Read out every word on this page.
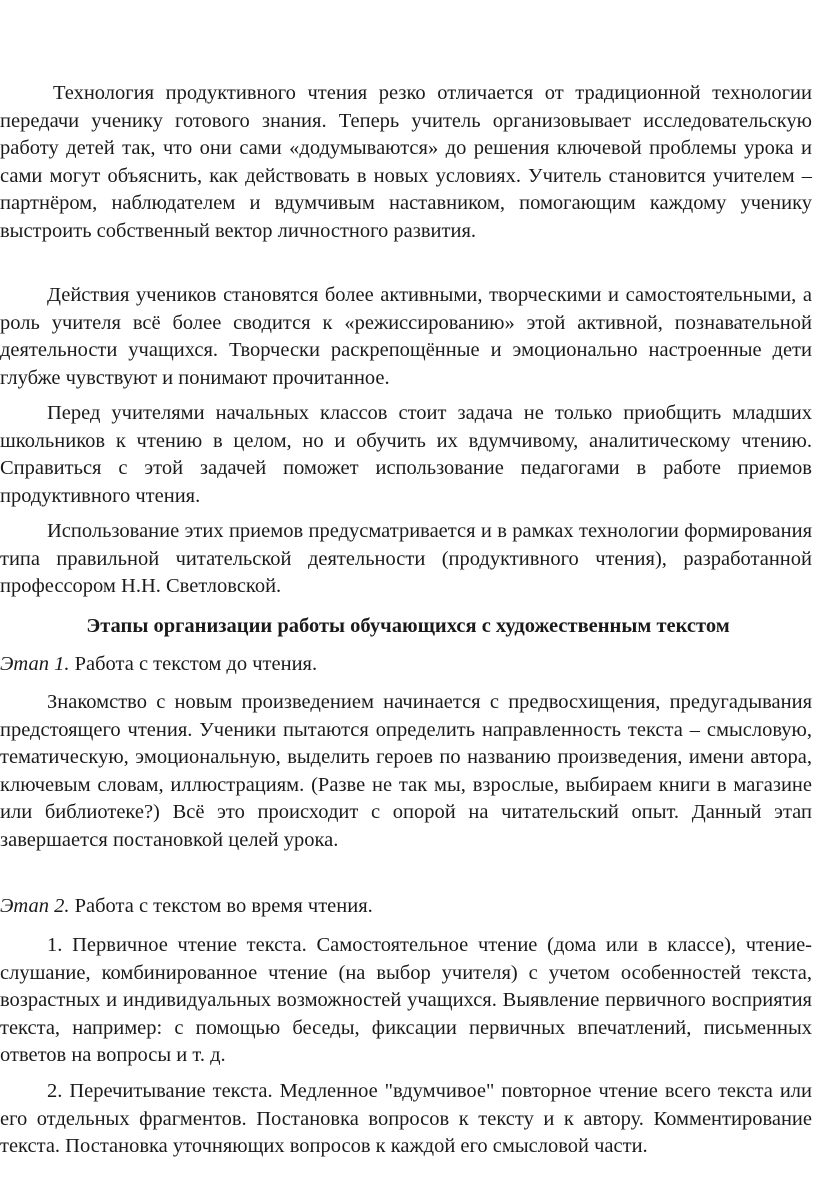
Технология продуктивного чтения резко отличается от традиционной технологии передачи ученику готового знания. Теперь учитель организовывает исследовательскую работу детей так, что они сами «додумываются» до решения ключевой проблемы урока и сами могут объяснить, как действовать в новых условиях. Учитель становится учителем – партнёром, наблюдателем и вдумчивым наставником, помогающим каждому ученику выстроить собственный вектор личностного развития.

Действия учеников становятся более активными, творческими и самостоятельными, а роль учителя всё более сводится к «режиссированию» этой активной, познавательной деятельности учащихся. Творчески раскрепощённые и эмоционально настроенные дети глубже чувствуют и понимают прочитанное.

Перед учителями начальных классов стоит задача не только приобщить младших школьников к чтению в целом, но и обучить их вдумчивому, аналитическому чтению. Справиться с этой задачей поможет использование педагогами в работе приемов продуктивного чтения.

Использование этих приемов предусматривается и в рамках технологии формирования типа правильной читательской деятельности (продуктивного чтения), разработанной профессором Н.Н. Светловской.

Этапы организации работы обучающихся с художественным текстом

Этап 1. Работа с текстом до чтения.

Знакомство с новым произведением начинается с предвосхищения, предугадывания предстоящего чтения. Ученики пытаются определить направленность текста – смысловую, тематическую, эмоциональную, выделить героев по названию произведения, имени автора, ключевым словам, иллюстрациям. (Разве не так мы, взрослые, выбираем книги в магазине или библиотеке?) Всё это происходит с опорой на читательский опыт. Данный этап завершается постановкой целей урока.

Этап 2. Работа с текстом во время чтения.

1. Первичное чтение текста. Самостоятельное чтение (дома или в классе), чтение-слушание, комбинированное чтение (на выбор учителя) с учетом особенностей текста, возрастных и индивидуальных возможностей учащихся. Выявление первичного восприятия текста, например: с помощью беседы, фиксации первичных впечатлений, письменных ответов на вопросы и т. д.

2. Перечитывание текста. Медленное "вдумчивое" повторное чтение всего текста или его отдельных фрагментов. Постановка вопросов к тексту и к автору. Комментирование текста. Постановка уточняющих вопросов к каждой его смысловой части.
